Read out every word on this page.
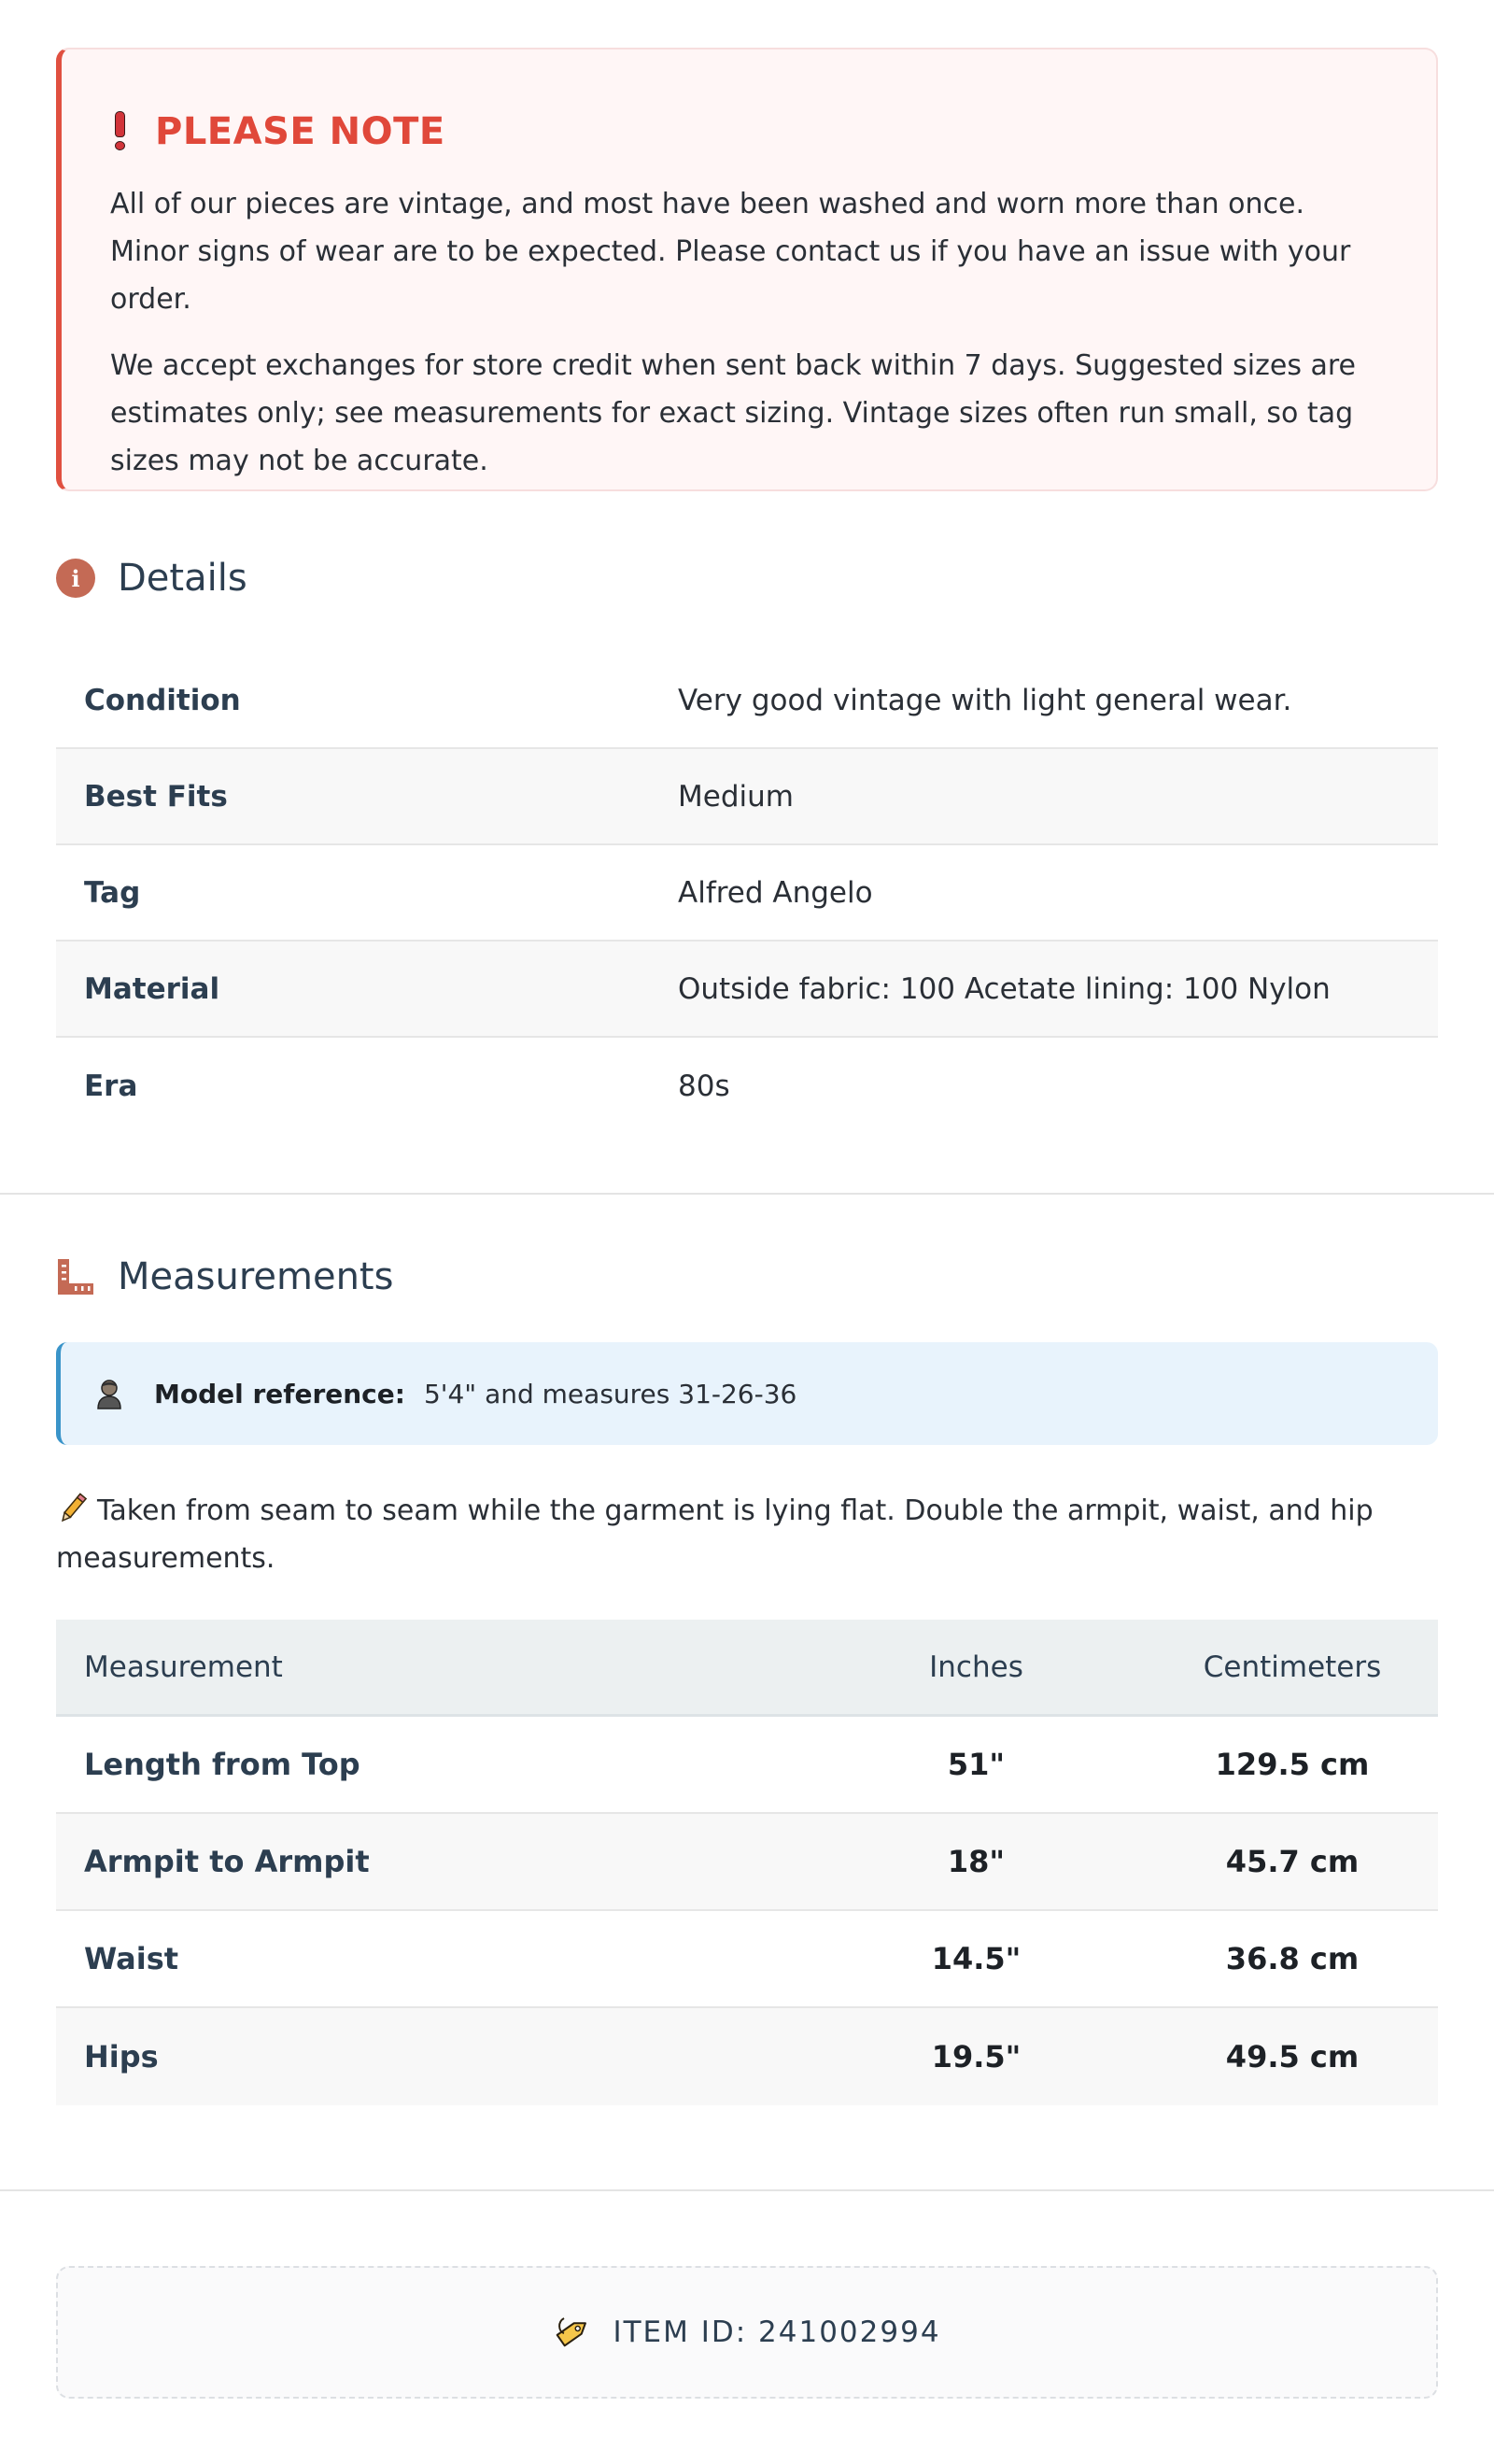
PLEASE NOTE

All of our pieces are vintage, and most have been washed and worn more than once. Minor signs of wear are to be expected. Please contact us if you have an issue with your order.

We accept exchanges for store credit when sent back within 7 days. Suggested sizes are estimates only; see measurements for exact sizing. Vintage sizes often run small, so tag sizes may not be accurate.

i	Details
Condition	Very good vintage with light general wear.
Best Fits	Medium
Tag	Alfred Angelo
Material	Outside fabric: 100 Acetate lining: 100 Nylon
Era	80s
Measurements
Model reference: 5'4" and measures 31-26-36
Taken from seam to seam while the garment is lying flat. Double the armpit, waist, and hip measurements.
Measurement	Inches	Centimeters
Length from Top	51"	129.5 cm
Armpit to Armpit	18"	45.7 cm
Waist	14.5"	36.8 cm
Hips	19.5"	49.5 cm
ITEM ID: 241002994
